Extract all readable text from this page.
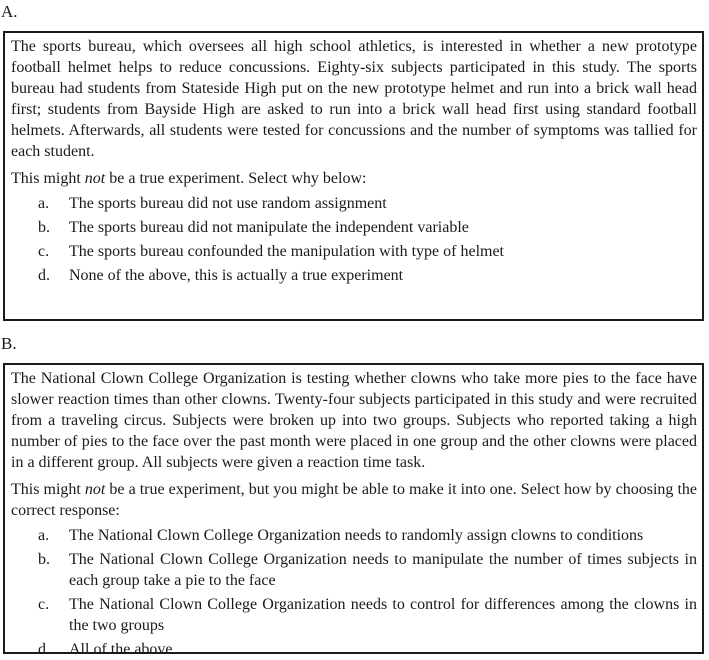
A.

The sports bureau, which oversees all high school athletics, is interested in whether a new prototype football helmet helps to reduce concussions. Eighty-six subjects participated in this study. The sports bureau had students from Stateside High put on the new prototype helmet and run into a brick wall head first; students from Bayside High are asked to run into a brick wall head first using standard football helmets. Afterwards, all students were tested for concussions and the number of symptoms was tallied for each student.

This might not be a true experiment. Select why below:

a.	The sports bureau did not use random assignment
b.	The sports bureau did not manipulate the independent variable
c.	The sports bureau confounded the manipulation with type of helmet
d.	None of the above, this is actually a true experiment
B.

The National Clown College Organization is testing whether clowns who take more pies to the face have slower reaction times than other clowns. Twenty-four subjects participated in this study and were recruited from a traveling circus. Subjects were broken up into two groups. Subjects who reported taking a high number of pies to the face over the past month were placed in one group and the other clowns were placed in a different group. All subjects were given a reaction time task.

This might not be a true experiment, but you might be able to make it into one. Select how by choosing the correct response:

a.	The National Clown College Organization needs to randomly assign clowns to conditions
b.	The National Clown College Organization needs to manipulate the number of times subjects in each group take a pie to the face
c.	The National Clown College Organization needs to control for differences among the clowns in the two groups
d.	All of the above
